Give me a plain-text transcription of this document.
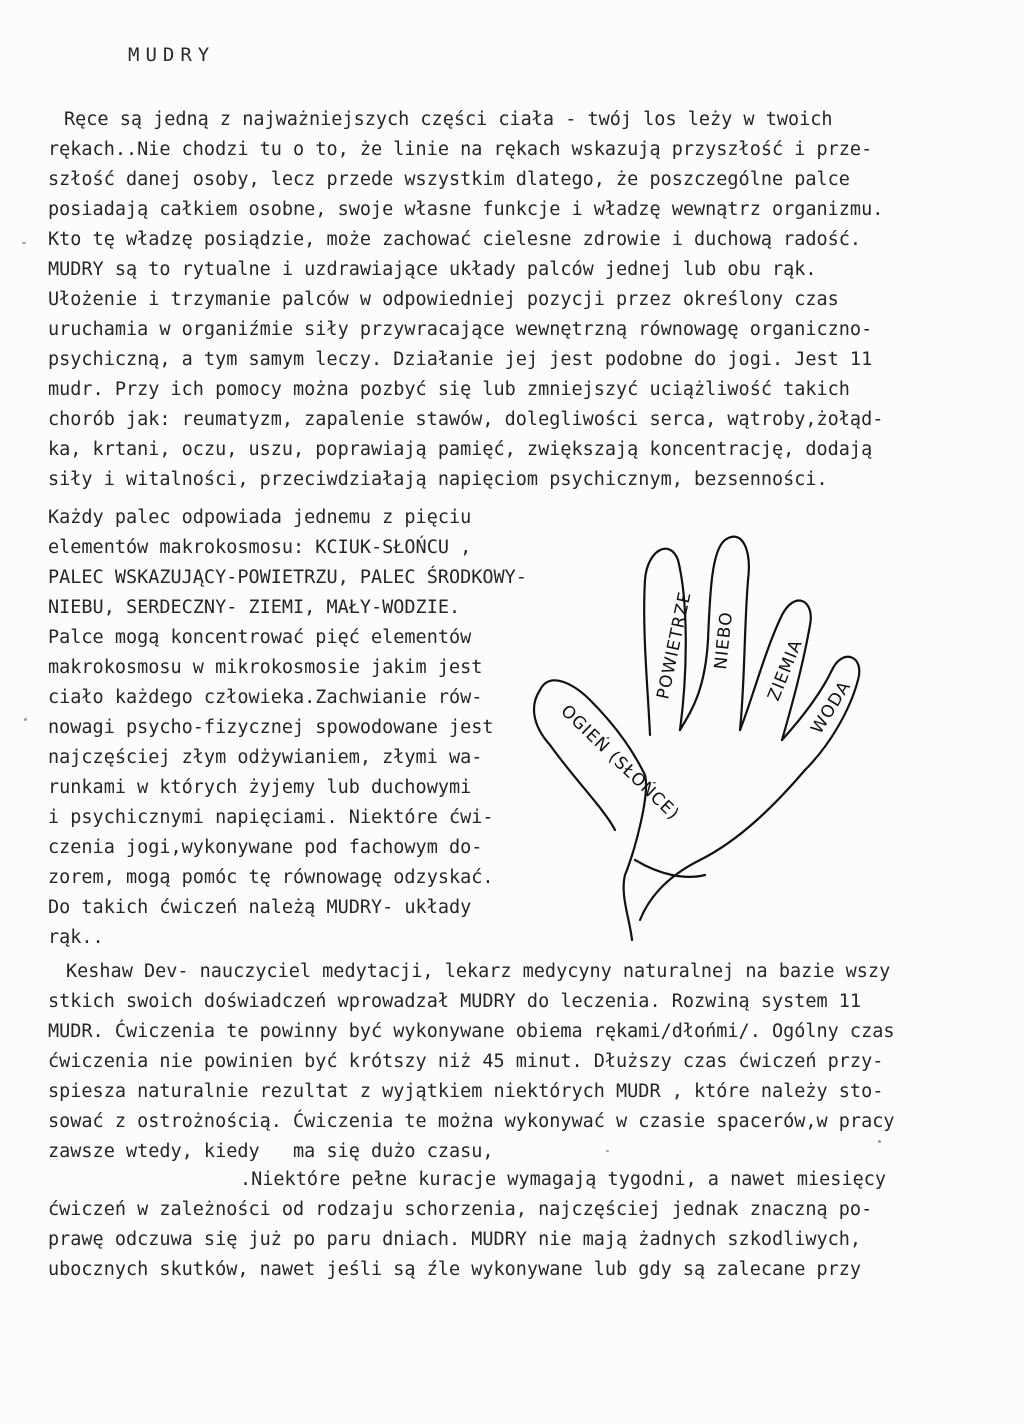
MUDRY
Ręce są jedną z najważniejszych części ciała - twój los leży w twoich
rękach..Nie chodzi tu o to, że linie na rękach wskazują przyszłość i prze-
szłość danej osoby, lecz przede wszystkim dlatego, że poszczególne palce
posiadają całkiem osobne, swoje własne funkcje i władzę wewnątrz organizmu.
Kto tę władzę posiądzie, może zachować cielesne zdrowie i duchową radość.
MUDRY są to rytualne i uzdrawiające układy palców jednej lub obu rąk.
Ułożenie i trzymanie palców w odpowiedniej pozycji przez określony czas
uruchamia w organiźmie siły przywracające wewnętrzną równowagę organiczno-
psychiczną, a tym samym leczy. Działanie jej jest podobne do jogi. Jest 11
mudr. Przy ich pomocy można pozbyć się lub zmniejszyć uciążliwość takich
chorób jak: reumatyzm, zapalenie stawów, dolegliwości serca, wątroby,żołąd-
ka, krtani, oczu, uszu, poprawiają pamięć, zwiększają koncentrację, dodają
siły i witalności, przeciwdziałają napięciom psychicznym, bezsenności.
Każdy palec odpowiada jednemu z pięciu
elementów makrokosmosu: KCIUK-SŁOŃCU ,
PALEC WSKAZUJĄCY-POWIETRZU, PALEC ŚRODKOWY-
NIEBU, SERDECZNY- ZIEMI, MAŁY-WODZIE.
Palce mogą koncentrować pięć elementów
makrokosmosu w mikrokosmosie jakim jest
ciało każdego człowieka.Zachwianie rów-
nowagi psycho-fizycznej spowodowane jest
najczęściej złym odżywianiem, złymi wa-
runkami w których żyjemy lub duchowymi
i psychicznymi napięciami. Niektóre ćwi-
czenia jogi,wykonywane pod fachowym do-
zorem, mogą pomóc tę równowagę odzyskać.
Do takich ćwiczeń należą MUDRY- układy
rąk..
Keshaw Dev- nauczyciel medytacji, lekarz medycyny naturalnej na bazie wszy
stkich swoich doświadczeń wprowadzał MUDRY do leczenia. Rozwiną system 11
MUDR. Ćwiczenia te powinny być wykonywane obiema rękami/dłońmi/. Ogólny czas
ćwiczenia nie powinien być krótszy niż 45 minut. Dłuższy czas ćwiczeń przy-
spiesza naturalnie rezultat z wyjątkiem niektórych MUDR , które należy sto-
sować z ostrożnością. Ćwiczenia te można wykonywać w czasie spacerów,w pracy
zawsze wtedy, kiedy   ma się dużo czasu,
.Niektóre pełne kuracje wymagają tygodni, a nawet miesięcy
ćwiczeń w zależności od rodzaju schorzenia, najczęściej jednak znaczną po-
prawę odczuwa się już po paru dniach. MUDRY nie mają żadnych szkodliwych,
ubocznych skutków, nawet jeśli są źle wykonywane lub gdy są zalecane przy
POWIETRZE NIEBO ZIEMIA
WODA
OGIEŃ (SŁOŃCE)
